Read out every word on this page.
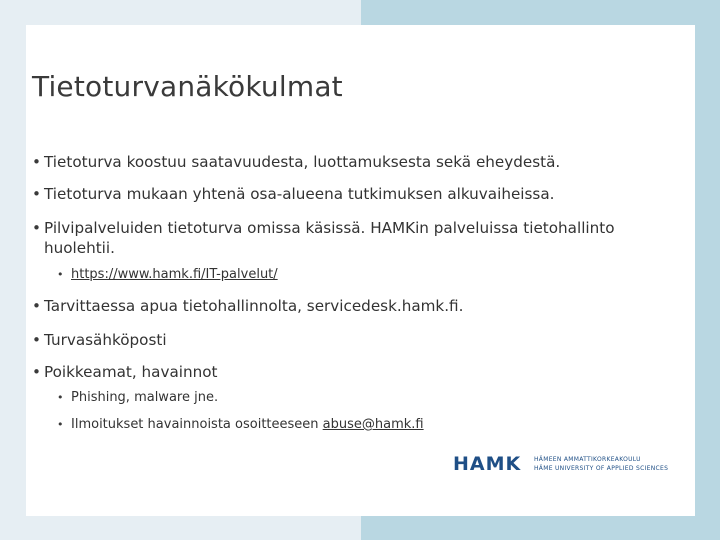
Tietoturvanäkökulmat
• Tietoturva koostuu saatavuudesta, luottamuksesta sekä eheydestä.
• Tietoturva mukaan yhtenä osa-alueena tutkimuksen alkuvaiheissa.
• Pilvipalveluiden tietoturva omissa käsissä. HAMKin palveluissa tietohallinto huolehtii.
• https://www.hamk.fi/IT-palvelut/
• Tarvittaessa apua tietohallinnolta, servicedesk.hamk.fi.
• Turvasähköposti
• Poikkeamat, havainnot
• Phishing, malware jne.
• Ilmoitukset havainnoista osoitteeseen abuse@hamk.fi
HAMK HÄMEEN AMMATTIKORKEAKOULU
HÄME UNIVERSITY OF APPLIED SCIENCES
